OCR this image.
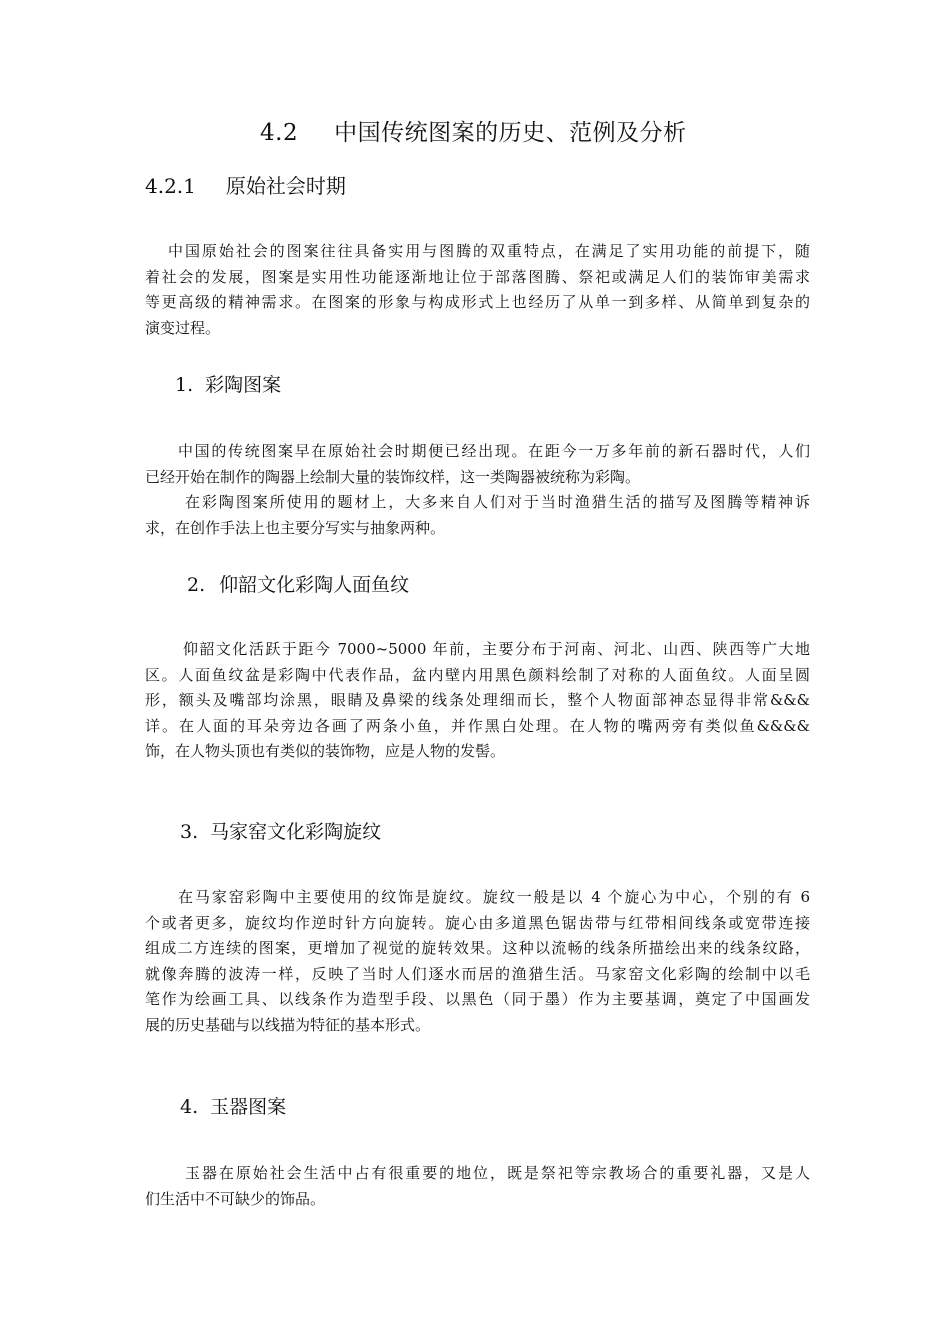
4.2 中国传统图案的历史、范例及分析
4.2.1 原始社会时期

中国原始社会的图案往往具备实用与图腾的双重特点，在满足了实用功能的前提下，随
着社会的发展，图案是实用性功能逐渐地让位于部落图腾、祭祀或满足人们的装饰审美需求
等更高级的精神需求。在图案的形象与构成形式上也经历了从单一到多样、从简单到复杂的
演变过程。

1. 彩陶图案

中国的传统图案早在原始社会时期便已经出现。在距今一万多年前的新石器时代，人们
已经开始在制作的陶器上绘制大量的装饰纹样，这一类陶器被统称为彩陶。

在彩陶图案所使用的题材上，大多来自人们对于当时渔猎生活的描写及图腾等精神诉
求，在创作手法上也主要分写实与抽象两种。

2. 仰韶文化彩陶人面鱼纹

仰韶文化活跃于距今 7000~5000 年前，主要分布于河南、河北、山西、陕西等广大地
区。人面鱼纹盆是彩陶中代表作品，盆内壁内用黑色颜料绘制了对称的人面鱼纹。人面呈圆
形，额头及嘴部均涂黑，眼睛及鼻梁的线条处理细而长，整个人物面部神态显得非常&&&
详。在人面的耳朵旁边各画了两条小鱼，并作黑白处理。在人物的嘴两旁有类似鱼&&&&
饰，在人物头顶也有类似的装饰物，应是人物的发髻。

3. 马家窑文化彩陶旋纹

在马家窑彩陶中主要使用的纹饰是旋纹。旋纹一般是以 4 个旋心为中心，个别的有 6
个或者更多，旋纹均作逆时针方向旋转。旋心由多道黑色锯齿带与红带相间线条或宽带连接
组成二方连续的图案，更增加了视觉的旋转效果。这种以流畅的线条所描绘出来的线条纹路，
就像奔腾的波涛一样，反映了当时人们逐水而居的渔猎生活。马家窑文化彩陶的绘制中以毛
笔作为绘画工具、以线条作为造型手段、以黑色（同于墨）作为主要基调，奠定了中国画发
展的历史基础与以线描为特征的基本形式。

4. 玉器图案

玉器在原始社会生活中占有很重要的地位，既是祭祀等宗教场合的重要礼器，又是人
们生活中不可缺少的饰品。
